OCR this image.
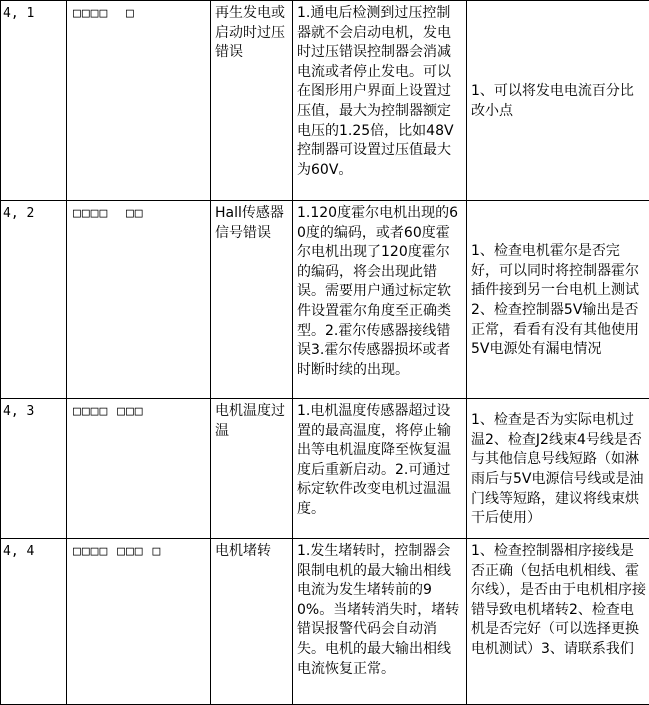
4, 1	□□□□  □	再生发电或启动时过压错误	1.通电后检测到过压控制器就不会启动电机，发电时过压错误控制器会消减电流或者停止发电。可以在图形用户界面上设置过压值，最大为控制器额定电压的1.25倍，比如48V控制器可设置过压值最大为60V。	1、可以将发电电流百分比改小点
4, 2	□□□□  □□	Hall传感器信号错误	1.120度霍尔电机出现的60度的编码，或者60度霍尔电机出现了120度霍尔的编码，将会出现此错误。需要用户通过标定软件设置霍尔角度至正确类型。2.霍尔传感器接线错误3.霍尔传感器损坏或者时断时续的出现。	1、检查电机霍尔是否完好，可以同时将控制器霍尔插件接到另一台电机上测试2、检查控制器5V输出是否正常，看看有没有其他使用5V电源处有漏电情况
4, 3	□□□□ □□□	电机温度过温	1.电机温度传感器超过设置的最高温度，将停止输出等电机温度降至恢复温度后重新启动。2.可通过标定软件改变电机过温温度。	1、检查是否为实际电机过温2、检查J2线束4号线是否与其他信息号线短路（如淋雨后与5V电源信号线或是油门线等短路，建议将线束烘干后使用）
4, 4	□□□□ □□□ □	电机堵转	1.发生堵转时，控制器会限制电机的最大输出相线电流为发生堵转前的90%。当堵转消失时，堵转错误报警代码会自动消失。电机的最大输出相线电流恢复正常。	1、检查控制器相序接线是否正确（包括电机相线、霍尔线），是否由于电机相序接错导致电机堵转2、检查电机是否完好（可以选择更换电机测试）3、请联系我们
